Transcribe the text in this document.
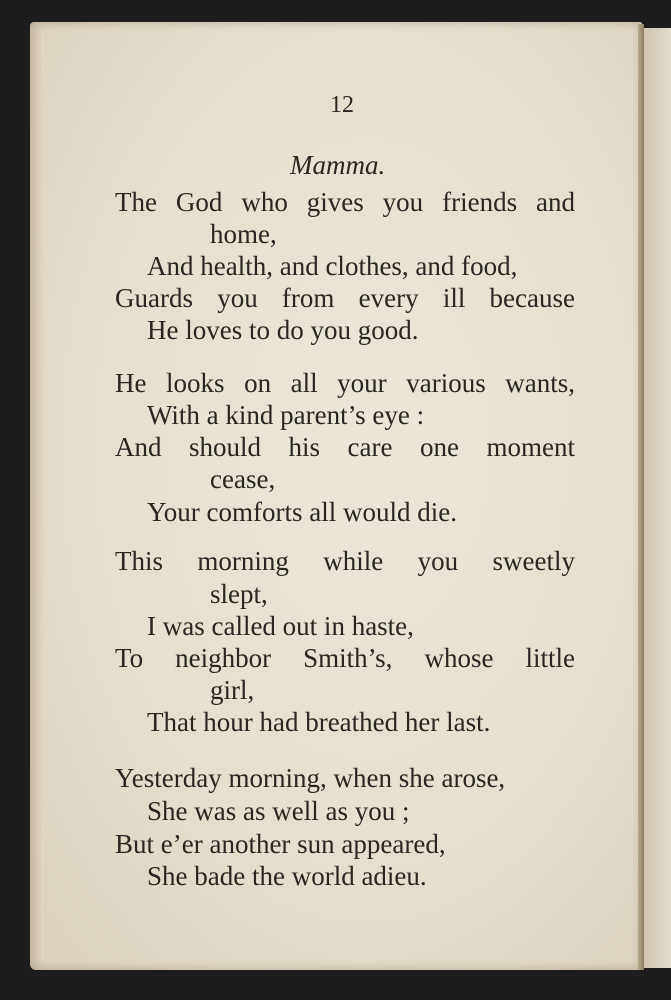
12
Mamma.
The God who gives you friends and
home,
And health, and clothes, and food,
Guards you from every ill because
He loves to do you good.
He looks on all your various wants,
With a kind parent’s eye :
And should his care one moment
cease,
Your comforts all would die.
This morning while you sweetly
slept,
I was called out in haste,
To neighbor Smith’s, whose little
girl,
That hour had breathed her last.
Yesterday morning, when she arose,
She was as well as you ;
But e’er another sun appeared,
She bade the world adieu.
